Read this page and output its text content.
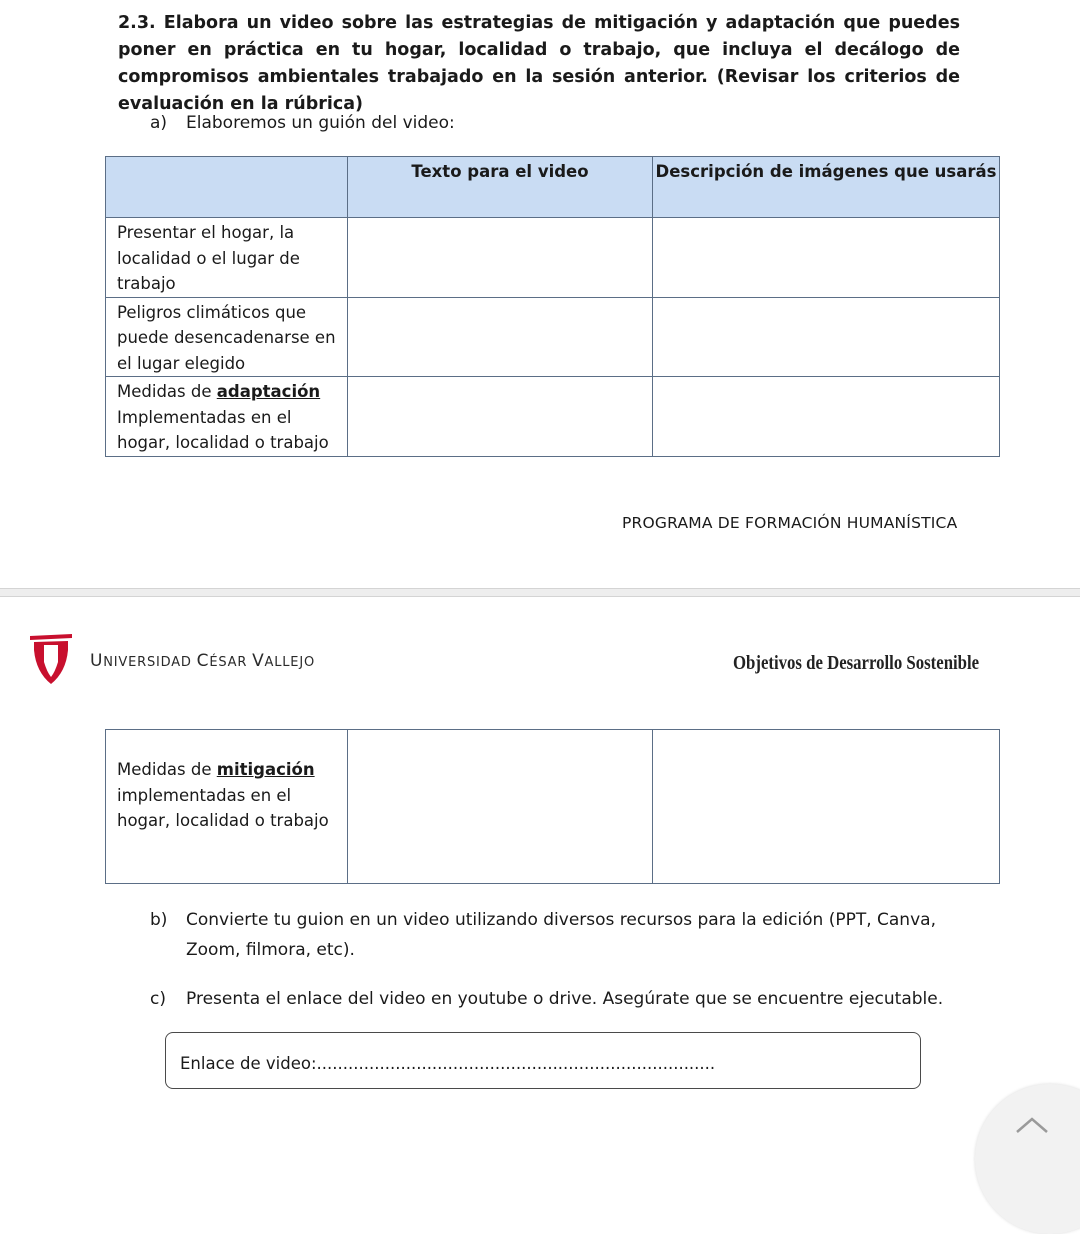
2.3. Elabora un video sobre las estrategias de mitigación y adaptación que puedes poner en práctica en tu hogar, localidad o trabajo, que incluya el decálogo de compromisos ambientales trabajado en la sesión anterior. (Revisar los criterios de evaluación en la rúbrica)
a) Elaboremos un guión del video:
	Texto para el video	Descripción de imágenes que usarás
Presentar el hogar, la localidad o el lugar de trabajo		
Peligros climáticos que puede desencadenarse en el lugar elegido		
Medidas de adaptación Implementadas en el hogar, localidad o trabajo		
PROGRAMA DE FORMACIÓN HUMANÍSTICA
UNIVERSIDAD CÉSAR VALLEJO	Objetivos de Desarrollo Sostenible
Medidas de mitigación implementadas en el hogar, localidad o trabajo		
b)	Convierte tu guion en un video utilizando diversos recursos para la edición (PPT, Canva, Zoom, filmora, etc).
c)	Presenta el enlace del video en youtube o drive. Asegúrate que se encuentre ejecutable.
Enlace de video:............................................................................
